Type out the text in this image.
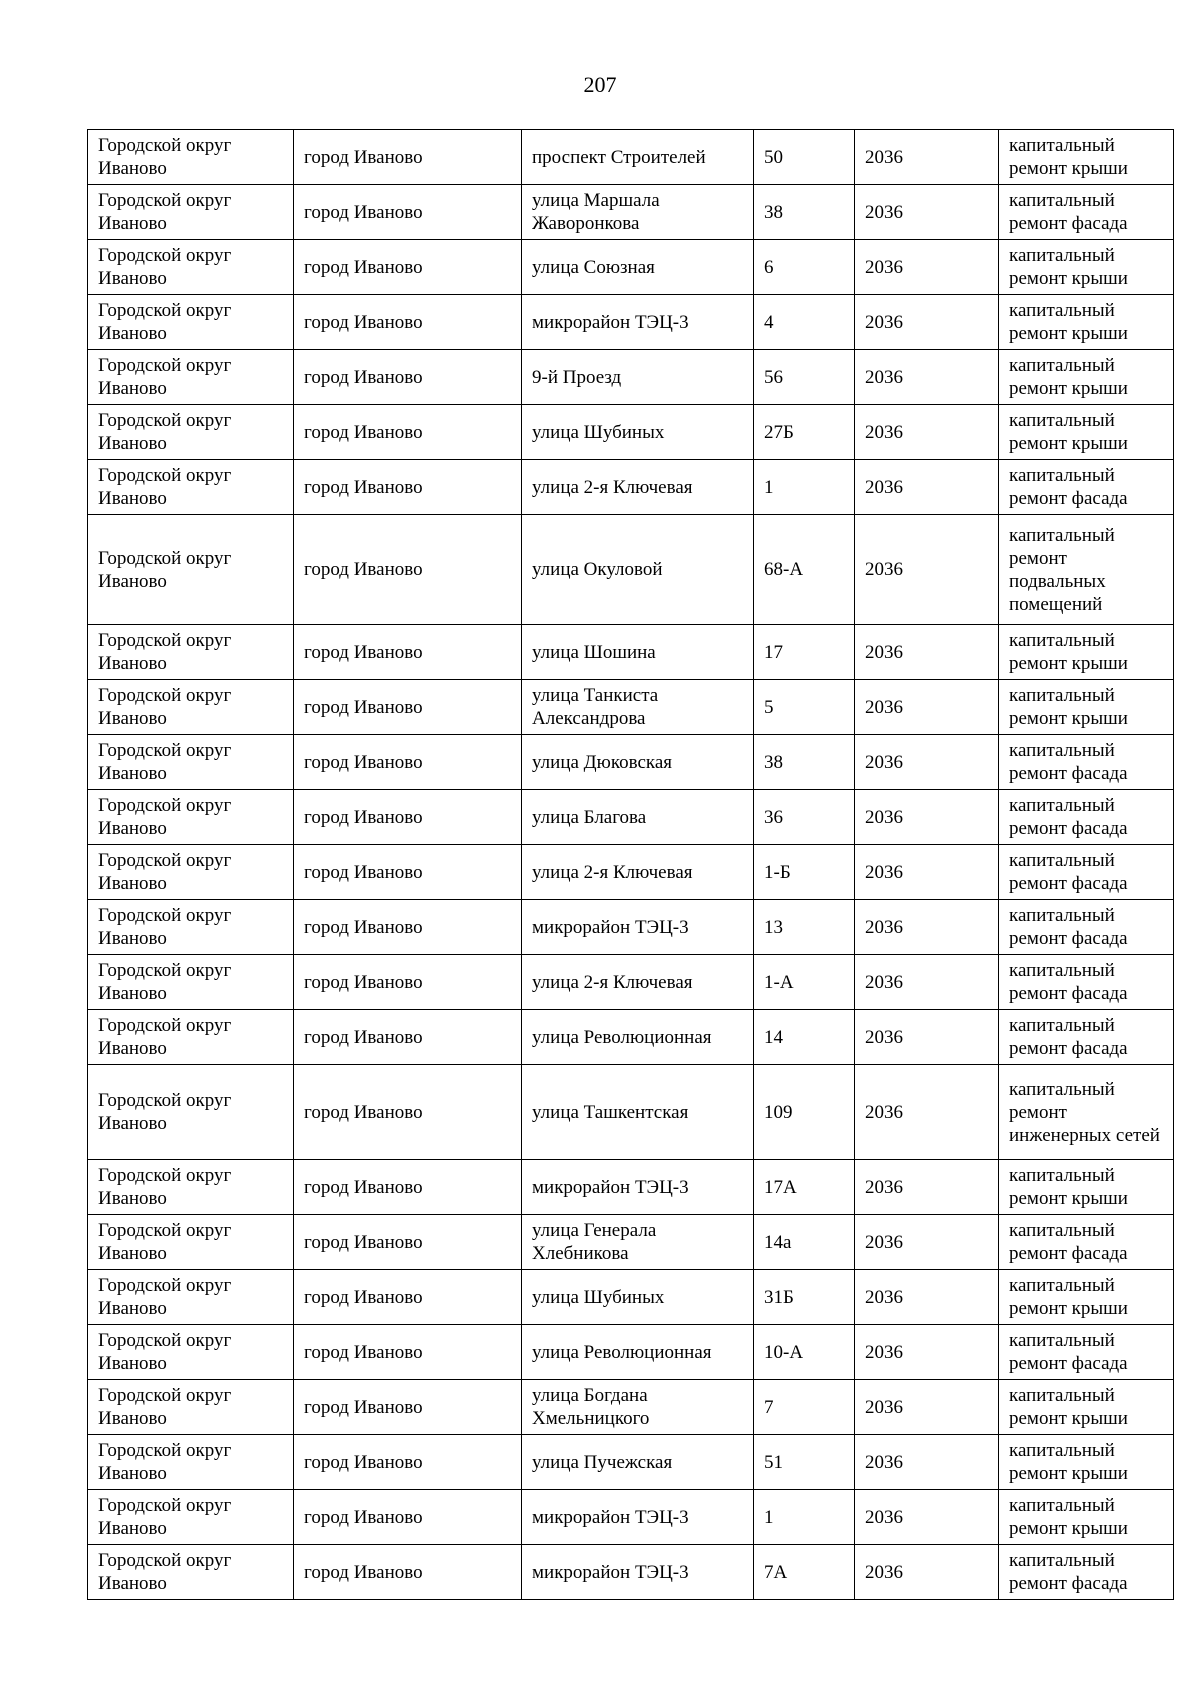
207
Городской округ Иваново	город Иваново	проспект Строителей	50	2036	капитальный ремонт крыши
Городской округ Иваново	город Иваново	улица Маршала Жаворонкова	38	2036	капитальный ремонт фасада
Городской округ Иваново	город Иваново	улица Союзная	6	2036	капитальный ремонт крыши
Городской округ Иваново	город Иваново	микрорайон ТЭЦ-3	4	2036	капитальный ремонт крыши
Городской округ Иваново	город Иваново	9-й Проезд	56	2036	капитальный ремонт крыши
Городской округ Иваново	город Иваново	улица Шубиных	27Б	2036	капитальный ремонт крыши
Городской округ Иваново	город Иваново	улица 2-я Ключевая	1	2036	капитальный ремонт фасада
Городской округ Иваново	город Иваново	улица Окуловой	68-А	2036	капитальный ремонт подвальных помещений
Городской округ Иваново	город Иваново	улица Шошина	17	2036	капитальный ремонт крыши
Городской округ Иваново	город Иваново	улица Танкиста Александрова	5	2036	капитальный ремонт крыши
Городской округ Иваново	город Иваново	улица Дюковская	38	2036	капитальный ремонт фасада
Городской округ Иваново	город Иваново	улица Благова	36	2036	капитальный ремонт фасада
Городской округ Иваново	город Иваново	улица 2-я Ключевая	1-Б	2036	капитальный ремонт фасада
Городской округ Иваново	город Иваново	микрорайон ТЭЦ-3	13	2036	капитальный ремонт фасада
Городской округ Иваново	город Иваново	улица 2-я Ключевая	1-А	2036	капитальный ремонт фасада
Городской округ Иваново	город Иваново	улица Революционная	14	2036	капитальный ремонт фасада
Городской округ Иваново	город Иваново	улица Ташкентская	109	2036	капитальный ремонт инженерных сетей
Городской округ Иваново	город Иваново	микрорайон ТЭЦ-3	17А	2036	капитальный ремонт крыши
Городской округ Иваново	город Иваново	улица Генерала Хлебникова	14а	2036	капитальный ремонт фасада
Городской округ Иваново	город Иваново	улица Шубиных	31Б	2036	капитальный ремонт крыши
Городской округ Иваново	город Иваново	улица Революционная	10-А	2036	капитальный ремонт фасада
Городской округ Иваново	город Иваново	улица Богдана Хмельницкого	7	2036	капитальный ремонт крыши
Городской округ Иваново	город Иваново	улица Пучежская	51	2036	капитальный ремонт крыши
Городской округ Иваново	город Иваново	микрорайон ТЭЦ-3	1	2036	капитальный ремонт крыши
Городской округ Иваново	город Иваново	микрорайон ТЭЦ-3	7А	2036	капитальный ремонт фасада
